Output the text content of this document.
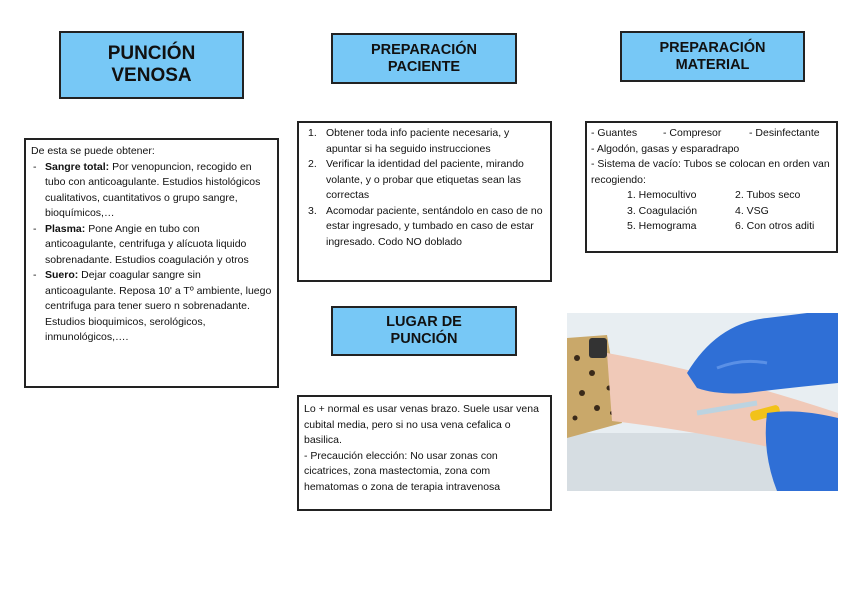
PUNCIÓN
VENOSA
PREPARACIÓN
PACIENTE
PREPARACIÓN
MATERIAL
LUGAR DE
PUNCIÓN

De esta se puede obtener:

- Sangre total: Por venopuncion, recogido en tubo con anticoagulante. Estudios histológicos cualitativos, cuantitativos o grupo sangre, bioquímicos,…
- Plasma: Pone Angie en tubo con anticoagulante, centrifuga y alícuota liquido sobrenadante. Estudios coagulación y otros
- Suero: Dejar coagular sangre sin anticoagulante. Reposa 10' a Tº ambiente, luego centrifuga para tener suero n sobrenadante. Estudios bioquimicos, serológicos, inmunológicos,….
1. Obtener toda info paciente necesaria, y apuntar si ha seguido instrucciones
2. Verificar la identidad del paciente, mirando volante, y o probar que etiquetas sean las correctas
3. Acomodar paciente, sentándolo en caso de no estar ingresado, y tumbado en caso de estar ingresado. Codo NO doblado
- Guantes	- Compresor	- Desinfectante

- Algodón, gasas y esparadrapo

- Sistema de vacío: Tubos se colocan en orden van recogiendo:

1. Hemocultivo	2. Tubos seco
3. Coagulación	4. VSG
5. Hemograma	6. Con otros aditi

Lo + normal es usar venas brazo. Suele usar vena cubital media, pero si no usa vena cefalica o basilica.

- Precaución elección: No usar zonas con cicatrices, zona mastectomia, zona com hematomas o zona de terapia intravenosa
